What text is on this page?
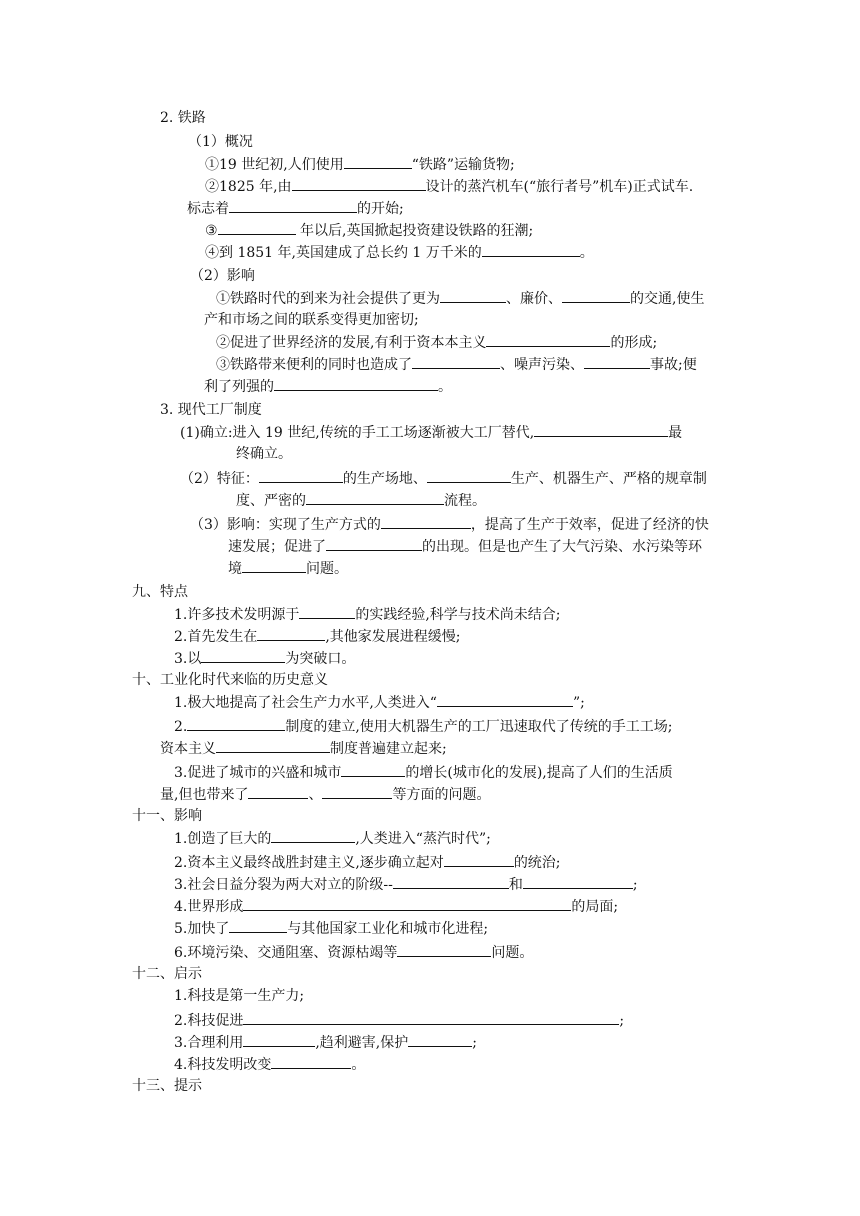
2. 铁路
（1）概况
①19 世纪初,人们使用	“铁路”运输货物;
②1825 年,由	设计的蒸汽机车(“旅行者号”机车)正式试车.
标志着	的开始;
③	年以后,英国掀起投资建设铁路的狂潮;
④到 1851 年,英国建成了总长约 1 万千米的	。
（2）影响
①铁路时代的到来为社会提供了更为	、廉价、	的交通,使生
产和市场之间的联系变得更加密切;
②促进了世界经济的发展,有利于资本本主义	的形成;
③铁路带来便利的同时也造成了	、噪声污染、	事故;便
利了列强的	。
3. 现代工厂制度
(1)确立:进入 19 世纪,传统的手工工场逐渐被大工厂替代,	最
终确立。
（2）特征：	的生产场地、	生产、机器生产、严格的规章制
度、严密的	流程。
（3）影响：实现了生产方式的	，提高了生产于效率，促进了经济的快
速发展；促进了	的出现。但是也产生了大气污染、水污染等环
境	问题。
九、特点
1.许多技术发明源于	的实践经验,科学与技术尚未结合;
2.首先发生在	,其他家发展进程缓慢;
3.以	为突破口。
十、工业化时代来临的历史意义
1.极大地提高了社会生产力水平,人类进入“	”;
2.	制度的建立,使用大机器生产的工厂迅速取代了传统的手工工场;
资本主义	制度普遍建立起来;
3.促进了城市的兴盛和城市	的增长(城市化的发展),提高了人们的生活质
量,但也带来了	、	等方面的问题。
十一、影响
1.创造了巨大的	,人类进入“蒸汽时代”;
2.资本主义最终战胜封建主义,逐步确立起对	的统治;
3.社会日益分裂为两大对立的阶级--	和	;
4.世界形成	的局面;
5.加快了	与其他国家工业化和城市化进程;
6.环境污染、交通阻塞、资源枯竭等	问题。
十二、启示
1.科技是第一生产力;
2.科技促进	;
3.合理利用	,趋利避害,保护	;
4.科技发明改变	。
十三、提示
